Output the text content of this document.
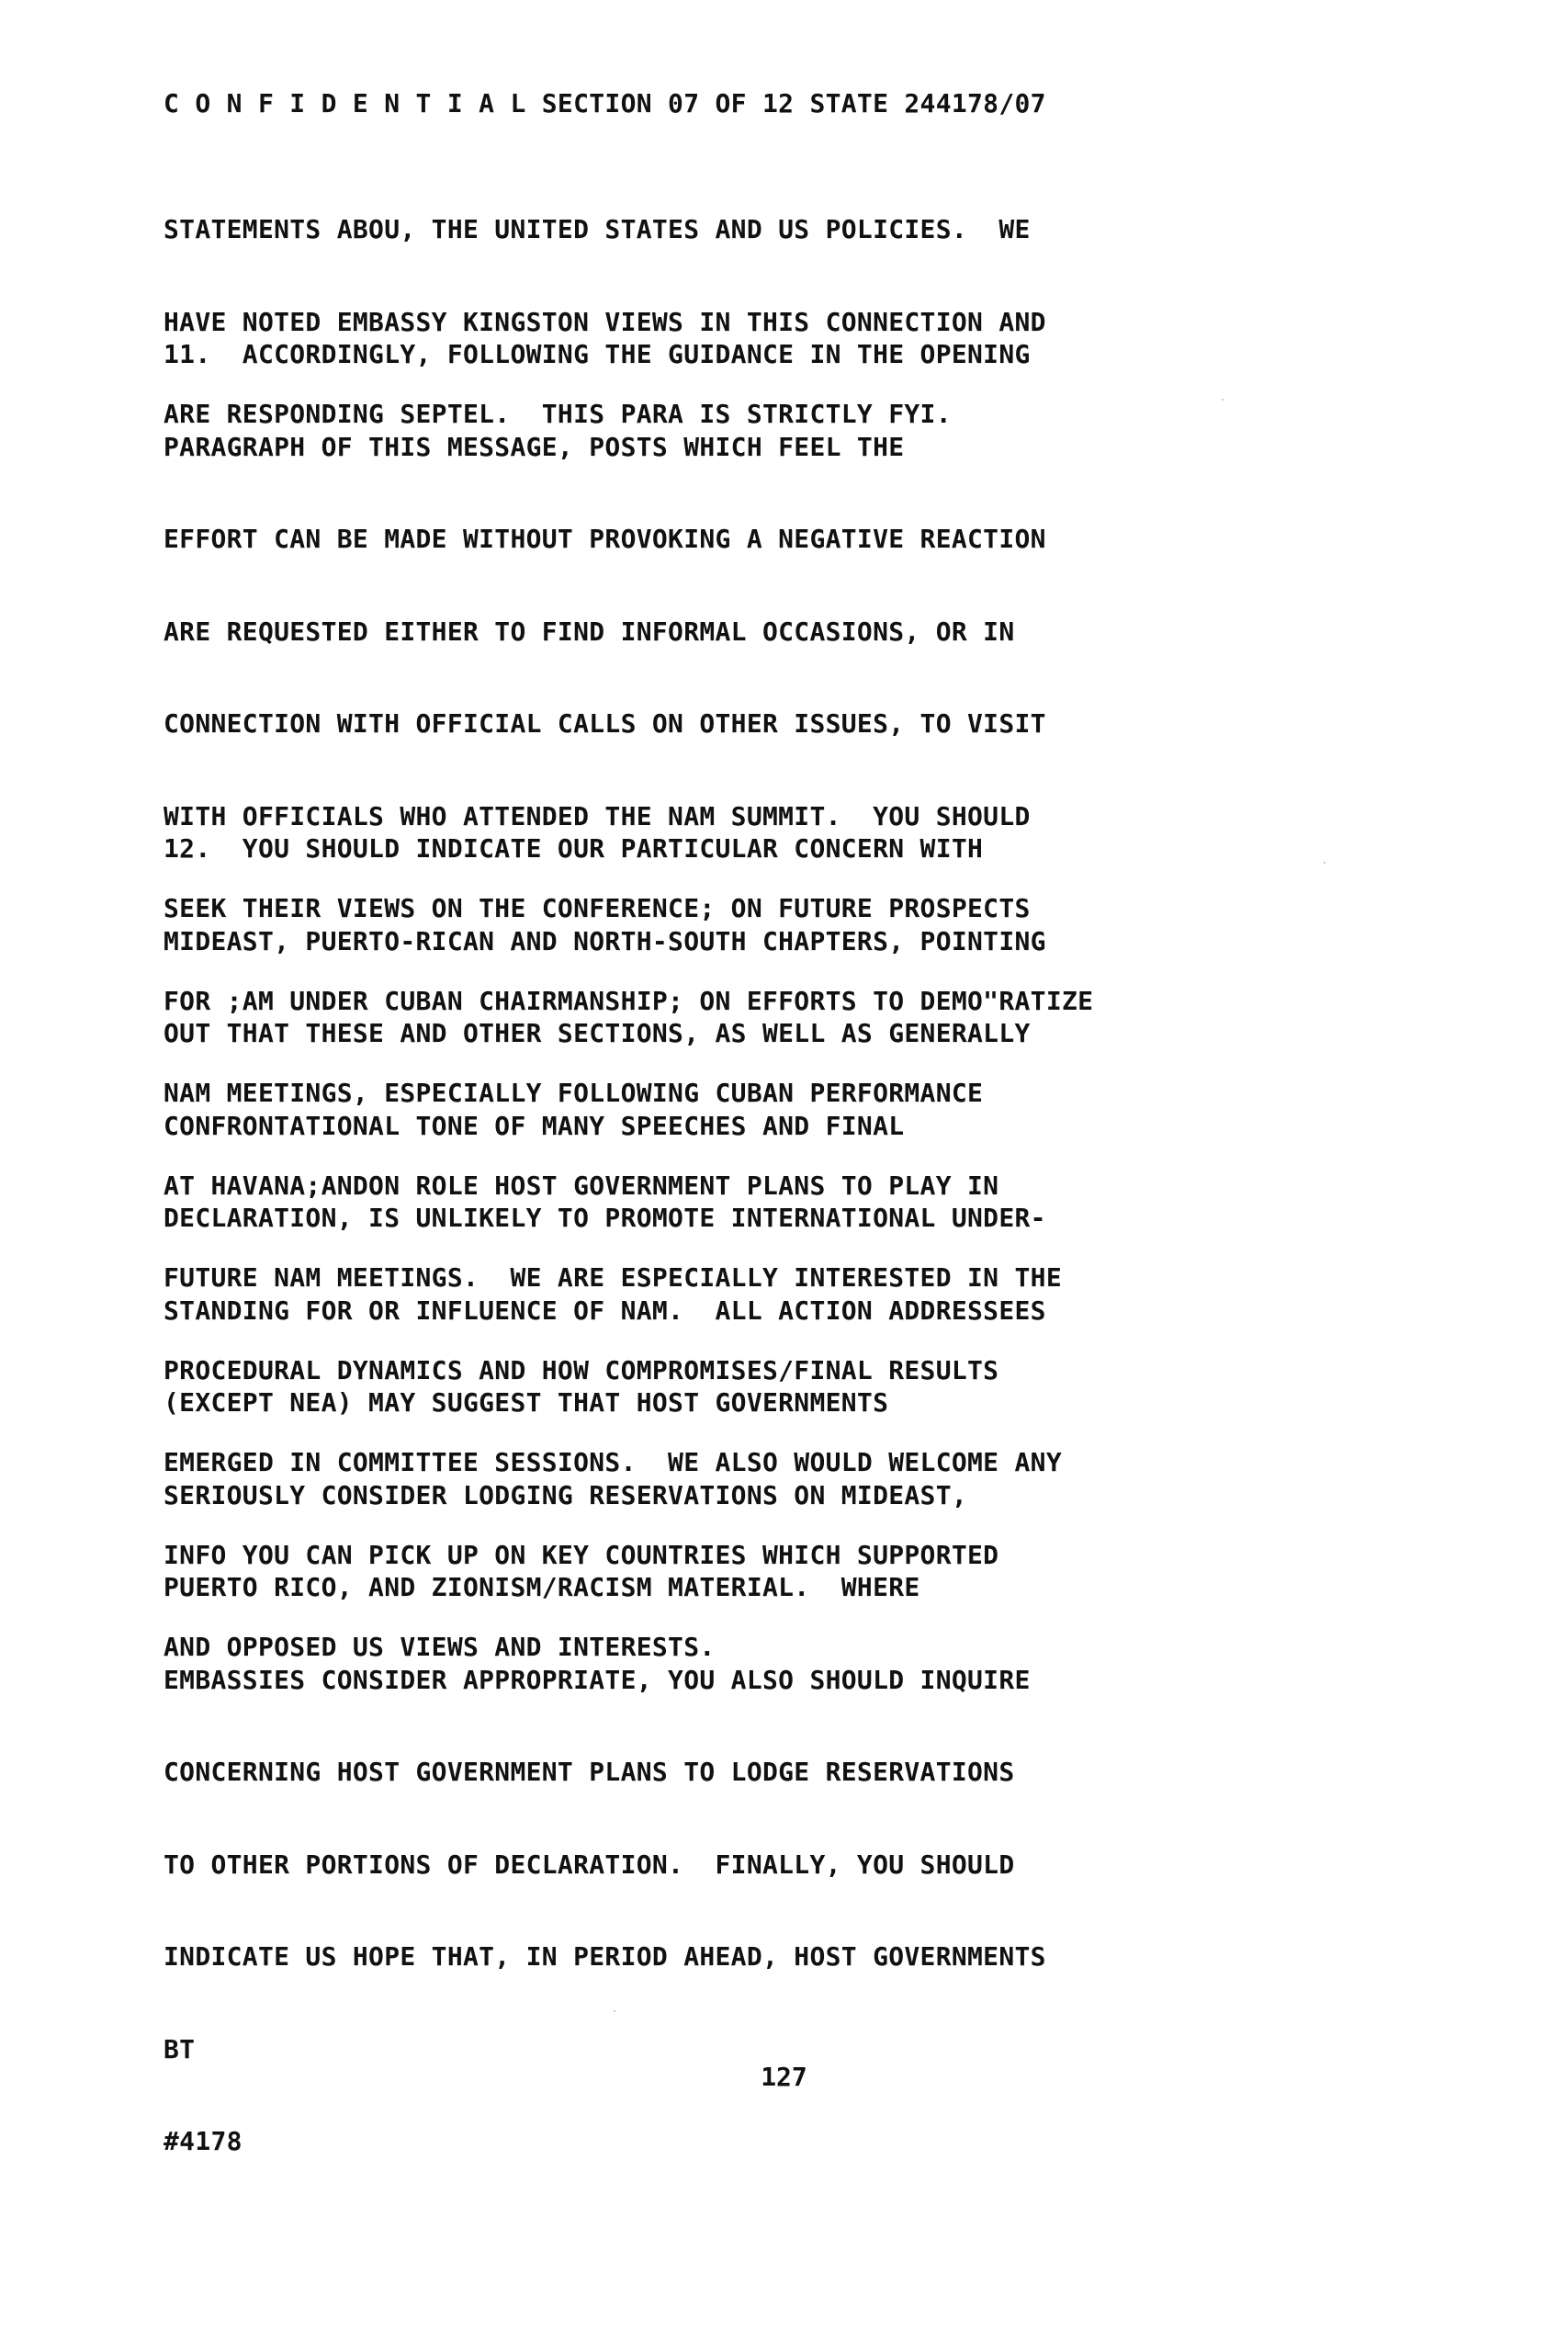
C O N F I D E N T I A L SECTION 07 OF 12 STATE 244178/07

STATEMENTS ABOU, THE UNITED STATES AND US POLICIES.  WE

HAVE NOTED EMBASSY KINGSTON VIEWS IN THIS CONNECTION AND

ARE RESPONDING SEPTEL.  THIS PARA IS STRICTLY FYI.

11.  ACCORDINGLY, FOLLOWING THE GUIDANCE IN THE OPENING

PARAGRAPH OF THIS MESSAGE, POSTS WHICH FEEL THE

EFFORT CAN BE MADE WITHOUT PROVOKING A NEGATIVE REACTION

ARE REQUESTED EITHER TO FIND INFORMAL OCCASIONS, OR IN

CONNECTION WITH OFFICIAL CALLS ON OTHER ISSUES, TO VISIT

WITH OFFICIALS WHO ATTENDED THE NAM SUMMIT.  YOU SHOULD

SEEK THEIR VIEWS ON THE CONFERENCE; ON FUTURE PROSPECTS

FOR ;AM UNDER CUBAN CHAIRMANSHIP; ON EFFORTS TO DEMO"RATIZE

NAM MEETINGS, ESPECIALLY FOLLOWING CUBAN PERFORMANCE

AT HAVANA;ANDON ROLE HOST GOVERNMENT PLANS TO PLAY IN

FUTURE NAM MEETINGS.  WE ARE ESPECIALLY INTERESTED IN THE

PROCEDURAL DYNAMICS AND HOW COMPROMISES/FINAL RESULTS

EMERGED IN COMMITTEE SESSIONS.  WE ALSO WOULD WELCOME ANY

INFO YOU CAN PICK UP ON KEY COUNTRIES WHICH SUPPORTED

AND OPPOSED US VIEWS AND INTERESTS.

12.  YOU SHOULD INDICATE OUR PARTICULAR CONCERN WITH

MIDEAST, PUERTO-RICAN AND NORTH-SOUTH CHAPTERS, POINTING

OUT THAT THESE AND OTHER SECTIONS, AS WELL AS GENERALLY

CONFRONTATIONAL TONE OF MANY SPEECHES AND FINAL

DECLARATION, IS UNLIKELY TO PROMOTE INTERNATIONAL UNDER-

STANDING FOR OR INFLUENCE OF NAM.  ALL ACTION ADDRESSEES

(EXCEPT NEA) MAY SUGGEST THAT HOST GOVERNMENTS

SERIOUSLY CONSIDER LODGING RESERVATIONS ON MIDEAST,

PUERTO RICO, AND ZIONISM/RACISM MATERIAL.  WHERE

EMBASSIES CONSIDER APPROPRIATE, YOU ALSO SHOULD INQUIRE

CONCERNING HOST GOVERNMENT PLANS TO LODGE RESERVATIONS

TO OTHER PORTIONS OF DECLARATION.  FINALLY, YOU SHOULD

INDICATE US HOPE THAT, IN PERIOD AHEAD, HOST GOVERNMENTS

BT

#4178

127
